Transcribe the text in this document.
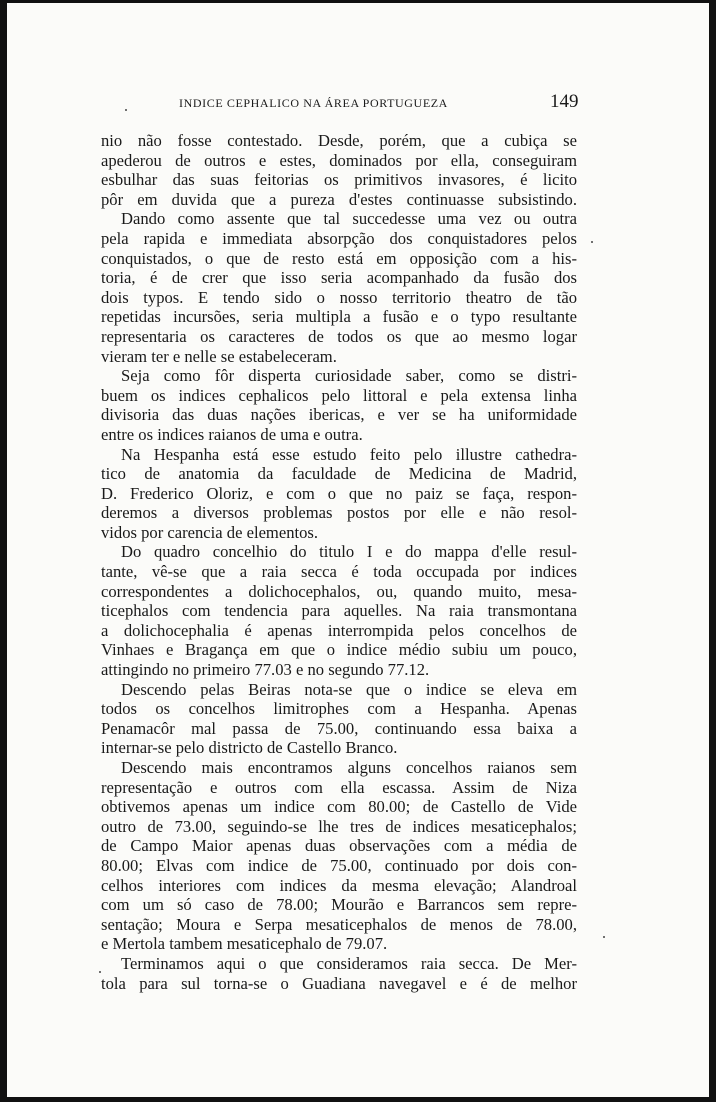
INDICE CEPHALICO NA ÁREA PORTUGUEZA	149
nio não fosse contestado. Desde, porém, que a cubiça se
apederou de outros e estes, dominados por ella, conseguiram
esbulhar das suas feitorias os primitivos invasores, é licito
pôr em duvida que a pureza d'estes continuasse subsistindo.
Dando como assente que tal succedesse uma vez ou outra
pela rapida e immediata absorpção dos conquistadores pelos
conquistados, o que de resto está em opposição com a his-
toria, é de crer que isso seria acompanhado da fusão dos
dois typos. E tendo sido o nosso territorio theatro de tão
repetidas incursões, seria multipla a fusão e o typo resultante
representaria os caracteres de todos os que ao mesmo logar
vieram ter e nelle se estabeleceram.
Seja como fôr disperta curiosidade saber, como se distri-
buem os indices cephalicos pelo littoral e pela extensa linha
divisoria das duas nações ibericas, e ver se ha uniformidade
entre os indices raianos de uma e outra.
Na Hespanha está esse estudo feito pelo illustre cathedra-
tico de anatomia da faculdade de Medicina de Madrid,
D. Frederico Oloriz, e com o que no paiz se faça, respon-
deremos a diversos problemas postos por elle e não resol-
vidos por carencia de elementos.
Do quadro concelhio do titulo I e do mappa d'elle resul-
tante, vê-se que a raia secca é toda occupada por indices
correspondentes a dolichocephalos, ou, quando muito, mesa-
ticephalos com tendencia para aquelles. Na raia transmontana
a dolichocephalia é apenas interrompida pelos concelhos de
Vinhaes e Bragança em que o indice médio subiu um pouco,
attingindo no primeiro 77.03 e no segundo 77.12.
Descendo pelas Beiras nota-se que o indice se eleva em
todos os concelhos limitrophes com a Hespanha. Apenas
Penamacôr mal passa de 75.00, continuando essa baixa a
internar-se pelo districto de Castello Branco.
Descendo mais encontramos alguns concelhos raianos sem
representação e outros com ella escassa. Assim de Niza
obtivemos apenas um indice com 80.00; de Castello de Vide
outro de 73.00, seguindo-se lhe tres de indices mesaticephalos;
de Campo Maior apenas duas observações com a média de
80.00; Elvas com indice de 75.00, continuado por dois con-
celhos interiores com indices da mesma elevação; Alandroal
com um só caso de 78.00; Mourão e Barrancos sem repre-
sentação; Moura e Serpa mesaticephalos de menos de 78.00,
e Mertola tambem mesaticephalo de 79.07.
Terminamos aqui o que consideramos raia secca. De Mer-
tola para sul torna-se o Guadiana navegavel e é de melhor
